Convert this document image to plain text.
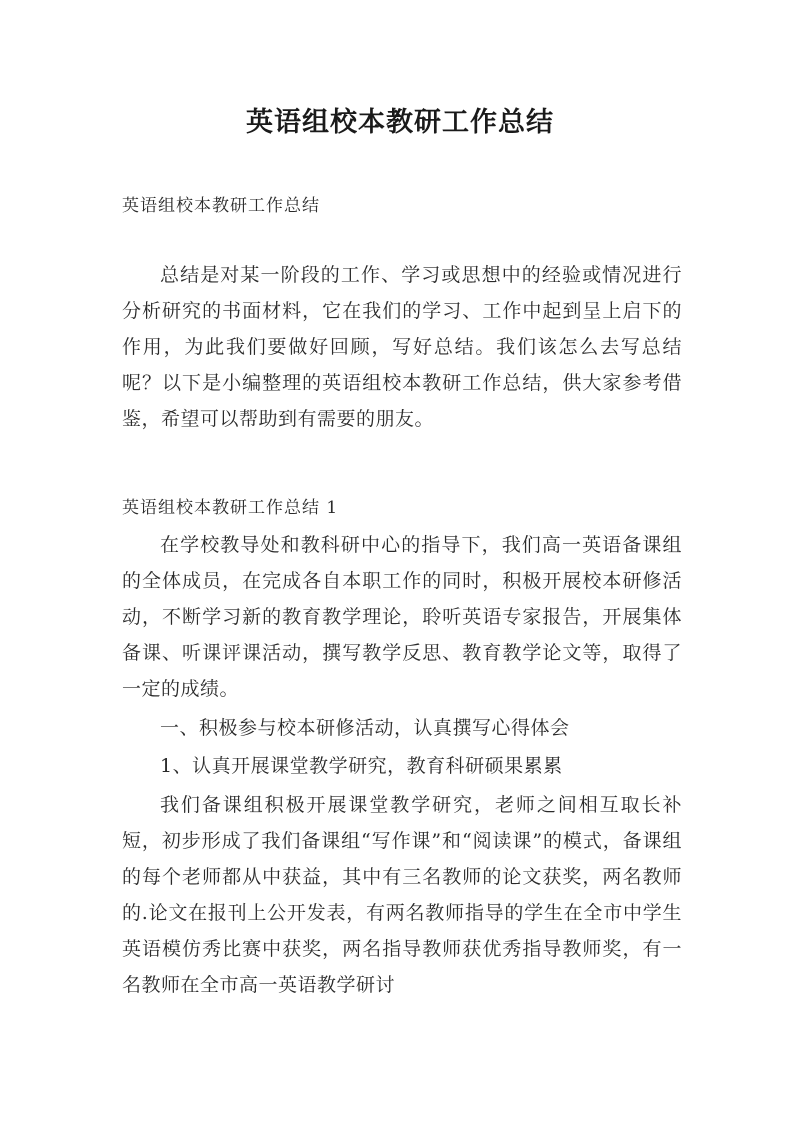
英语组校本教研工作总结

英语组校本教研工作总结

总结是对某一阶段的工作、学习或思想中的经验或情况进行分析研究的书面材料，它在我们的学习、工作中起到呈上启下的作用，为此我们要做好回顾，写好总结。我们该怎么去写总结呢？以下是小编整理的英语组校本教研工作总结，供大家参考借鉴，希望可以帮助到有需要的朋友。

英语组校本教研工作总结 1

在学校教导处和教科研中心的指导下，我们高一英语备课组的全体成员，在完成各自本职工作的同时，积极开展校本研修活动，不断学习新的教育教学理论，聆听英语专家报告，开展集体备课、听课评课活动，撰写教学反思、教育教学论文等，取得了一定的成绩。

一、积极参与校本研修活动，认真撰写心得体会

1、认真开展课堂教学研究，教育科研硕果累累

我们备课组积极开展课堂教学研究，老师之间相互取长补短，初步形成了我们备课组“写作课”和“阅读课”的模式，备课组的每个老师都从中获益，其中有三名教师的论文获奖，两名教师的.论文在报刊上公开发表，有两名教师指导的学生在全市中学生英语模仿秀比赛中获奖，两名指导教师获优秀指导教师奖，有一名教师在全市高一英语教学研讨
